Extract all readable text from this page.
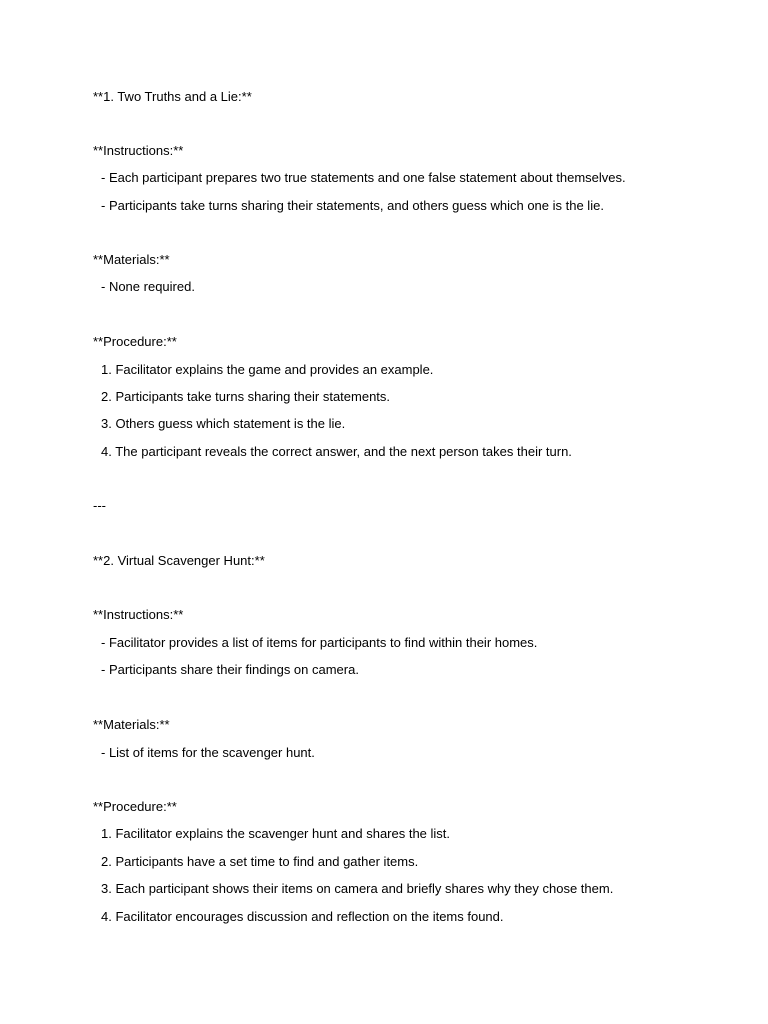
**1. Two Truths and a Lie:**
**Instructions:**
- Each participant prepares two true statements and one false statement about themselves.
- Participants take turns sharing their statements, and others guess which one is the lie.
**Materials:**
- None required.
**Procedure:**
1. Facilitator explains the game and provides an example.
2. Participants take turns sharing their statements.
3. Others guess which statement is the lie.
4. The participant reveals the correct answer, and the next person takes their turn.
---
**2. Virtual Scavenger Hunt:**
**Instructions:**
- Facilitator provides a list of items for participants to find within their homes.
- Participants share their findings on camera.
**Materials:**
- List of items for the scavenger hunt.
**Procedure:**
1. Facilitator explains the scavenger hunt and shares the list.
2. Participants have a set time to find and gather items.
3. Each participant shows their items on camera and briefly shares why they chose them.
4. Facilitator encourages discussion and reflection on the items found.
